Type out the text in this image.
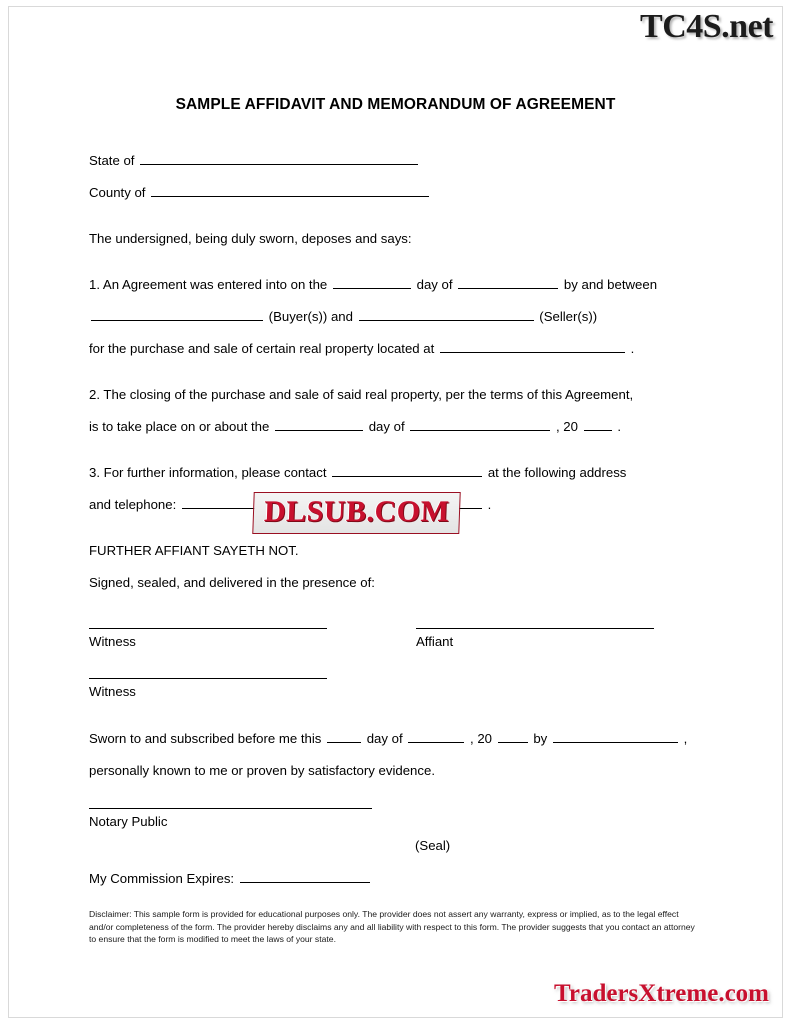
TC4S.net
SAMPLE AFFIDAVIT AND MEMORANDUM OF AGREEMENT
State of
County of
The undersigned, being duly sworn, deposes and says:
1. An Agreement was entered into on the	day of	by and between
(Buyer(s)) and	(Seller(s))
for the purchase and sale of certain real property located at	.
2. The closing of the purchase and sale of said real property, per the terms of this Agreement,
is to take place on or about the	day of	, 20	.
3. For further information, please contact	at the following address
and telephone:	.
FURTHER AFFIANT SAYETH NOT.
Signed, sealed, and delivered in the presence of:
Witness	Affiant
Witness
Sworn to and subscribed before me this	day of	, 20	by	,
personally known to me or proven by satisfactory evidence.
Notary Public
(Seal)
My Commission Expires:
DLSUB.COM
Disclaimer: This sample form is provided for educational purposes only. The provider does not assert any warranty, express or implied, as to the legal effect and/or completeness of the form. The provider hereby disclaims any and all liability with respect to this form. The provider suggests that you contact an attorney to ensure that the form is modified to meet the laws of your state.
TradersXtreme.com
